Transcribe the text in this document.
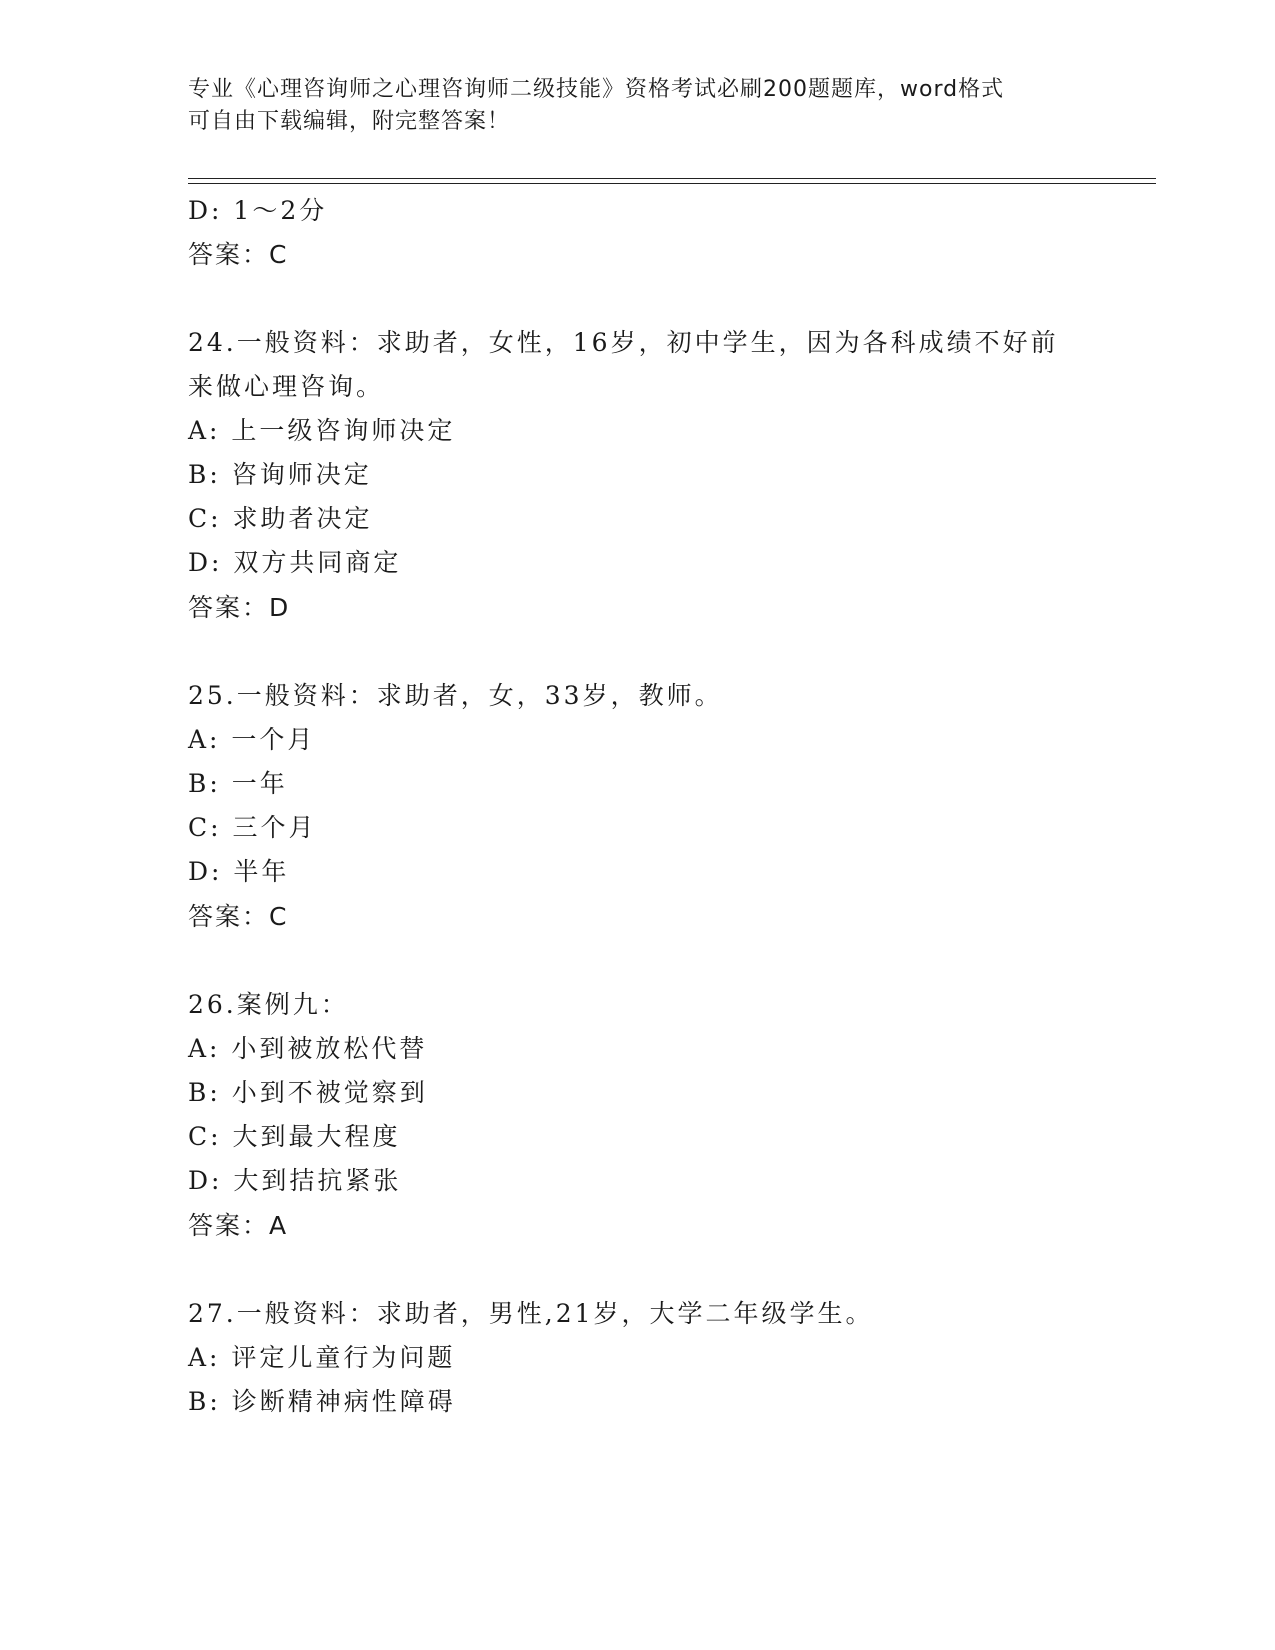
专业《心理咨询师之心理咨询师二级技能》资格考试必刷200题题库，word格式
可自由下载编辑，附完整答案！
D: 1～2分
答案：C
24.一般资料：求助者，女性，16岁，初中学生，因为各科成绩不好前
来做心理咨询。
A: 上一级咨询师决定
B: 咨询师决定
C: 求助者决定
D: 双方共同商定
答案：D
25.一般资料：求助者，女，33岁，教师。
A: 一个月
B: 一年
C: 三个月
D: 半年
答案：C
26.案例九：
A: 小到被放松代替
B: 小到不被觉察到
C: 大到最大程度
D: 大到拮抗紧张
答案：A
27.一般资料：求助者，男性,21岁，大学二年级学生。
A: 评定儿童行为问题
B: 诊断精神病性障碍
